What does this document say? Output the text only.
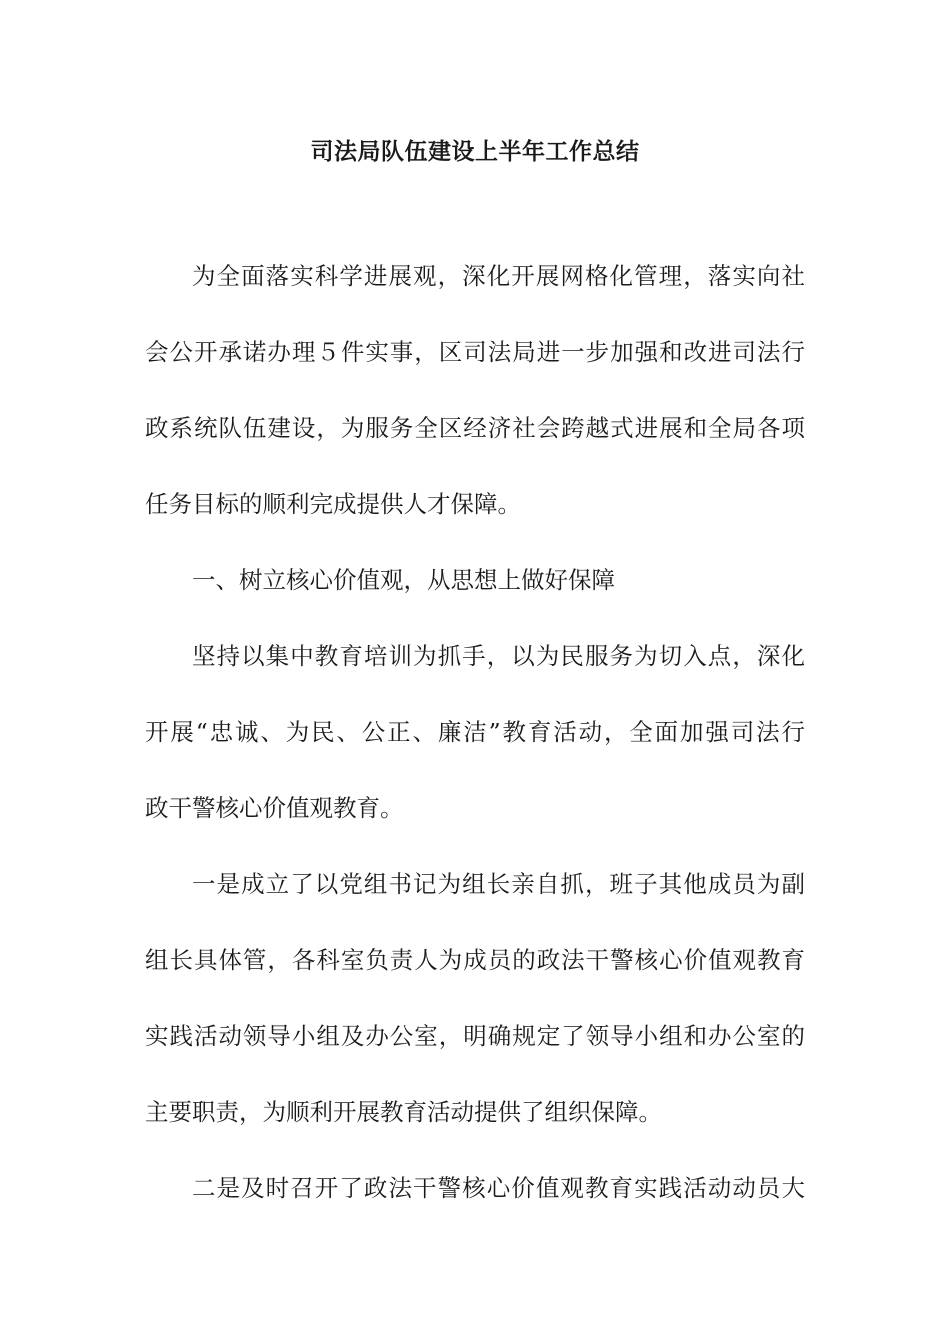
司法局队伍建设上半年工作总结
为全面落实科学进展观，深化开展网格化管理，落实向社
会公开承诺办理５件实事，区司法局进一步加强和改进司法行
政系统队伍建设，为服务全区经济社会跨越式进展和全局各项
任务目标的顺利完成提供人才保障。
一、树立核心价值观，从思想上做好保障
坚持以集中教育培训为抓手，以为民服务为切入点，深化
开展“忠诚、为民、公正、廉洁”教育活动，全面加强司法行
政干警核心价值观教育。
一是成立了以党组书记为组长亲自抓，班子其他成员为副
组长具体管，各科室负责人为成员的政法干警核心价值观教育
实践活动领导小组及办公室，明确规定了领导小组和办公室的
主要职责，为顺利开展教育活动提供了组织保障。
二是及时召开了政法干警核心价值观教育实践活动动员大
